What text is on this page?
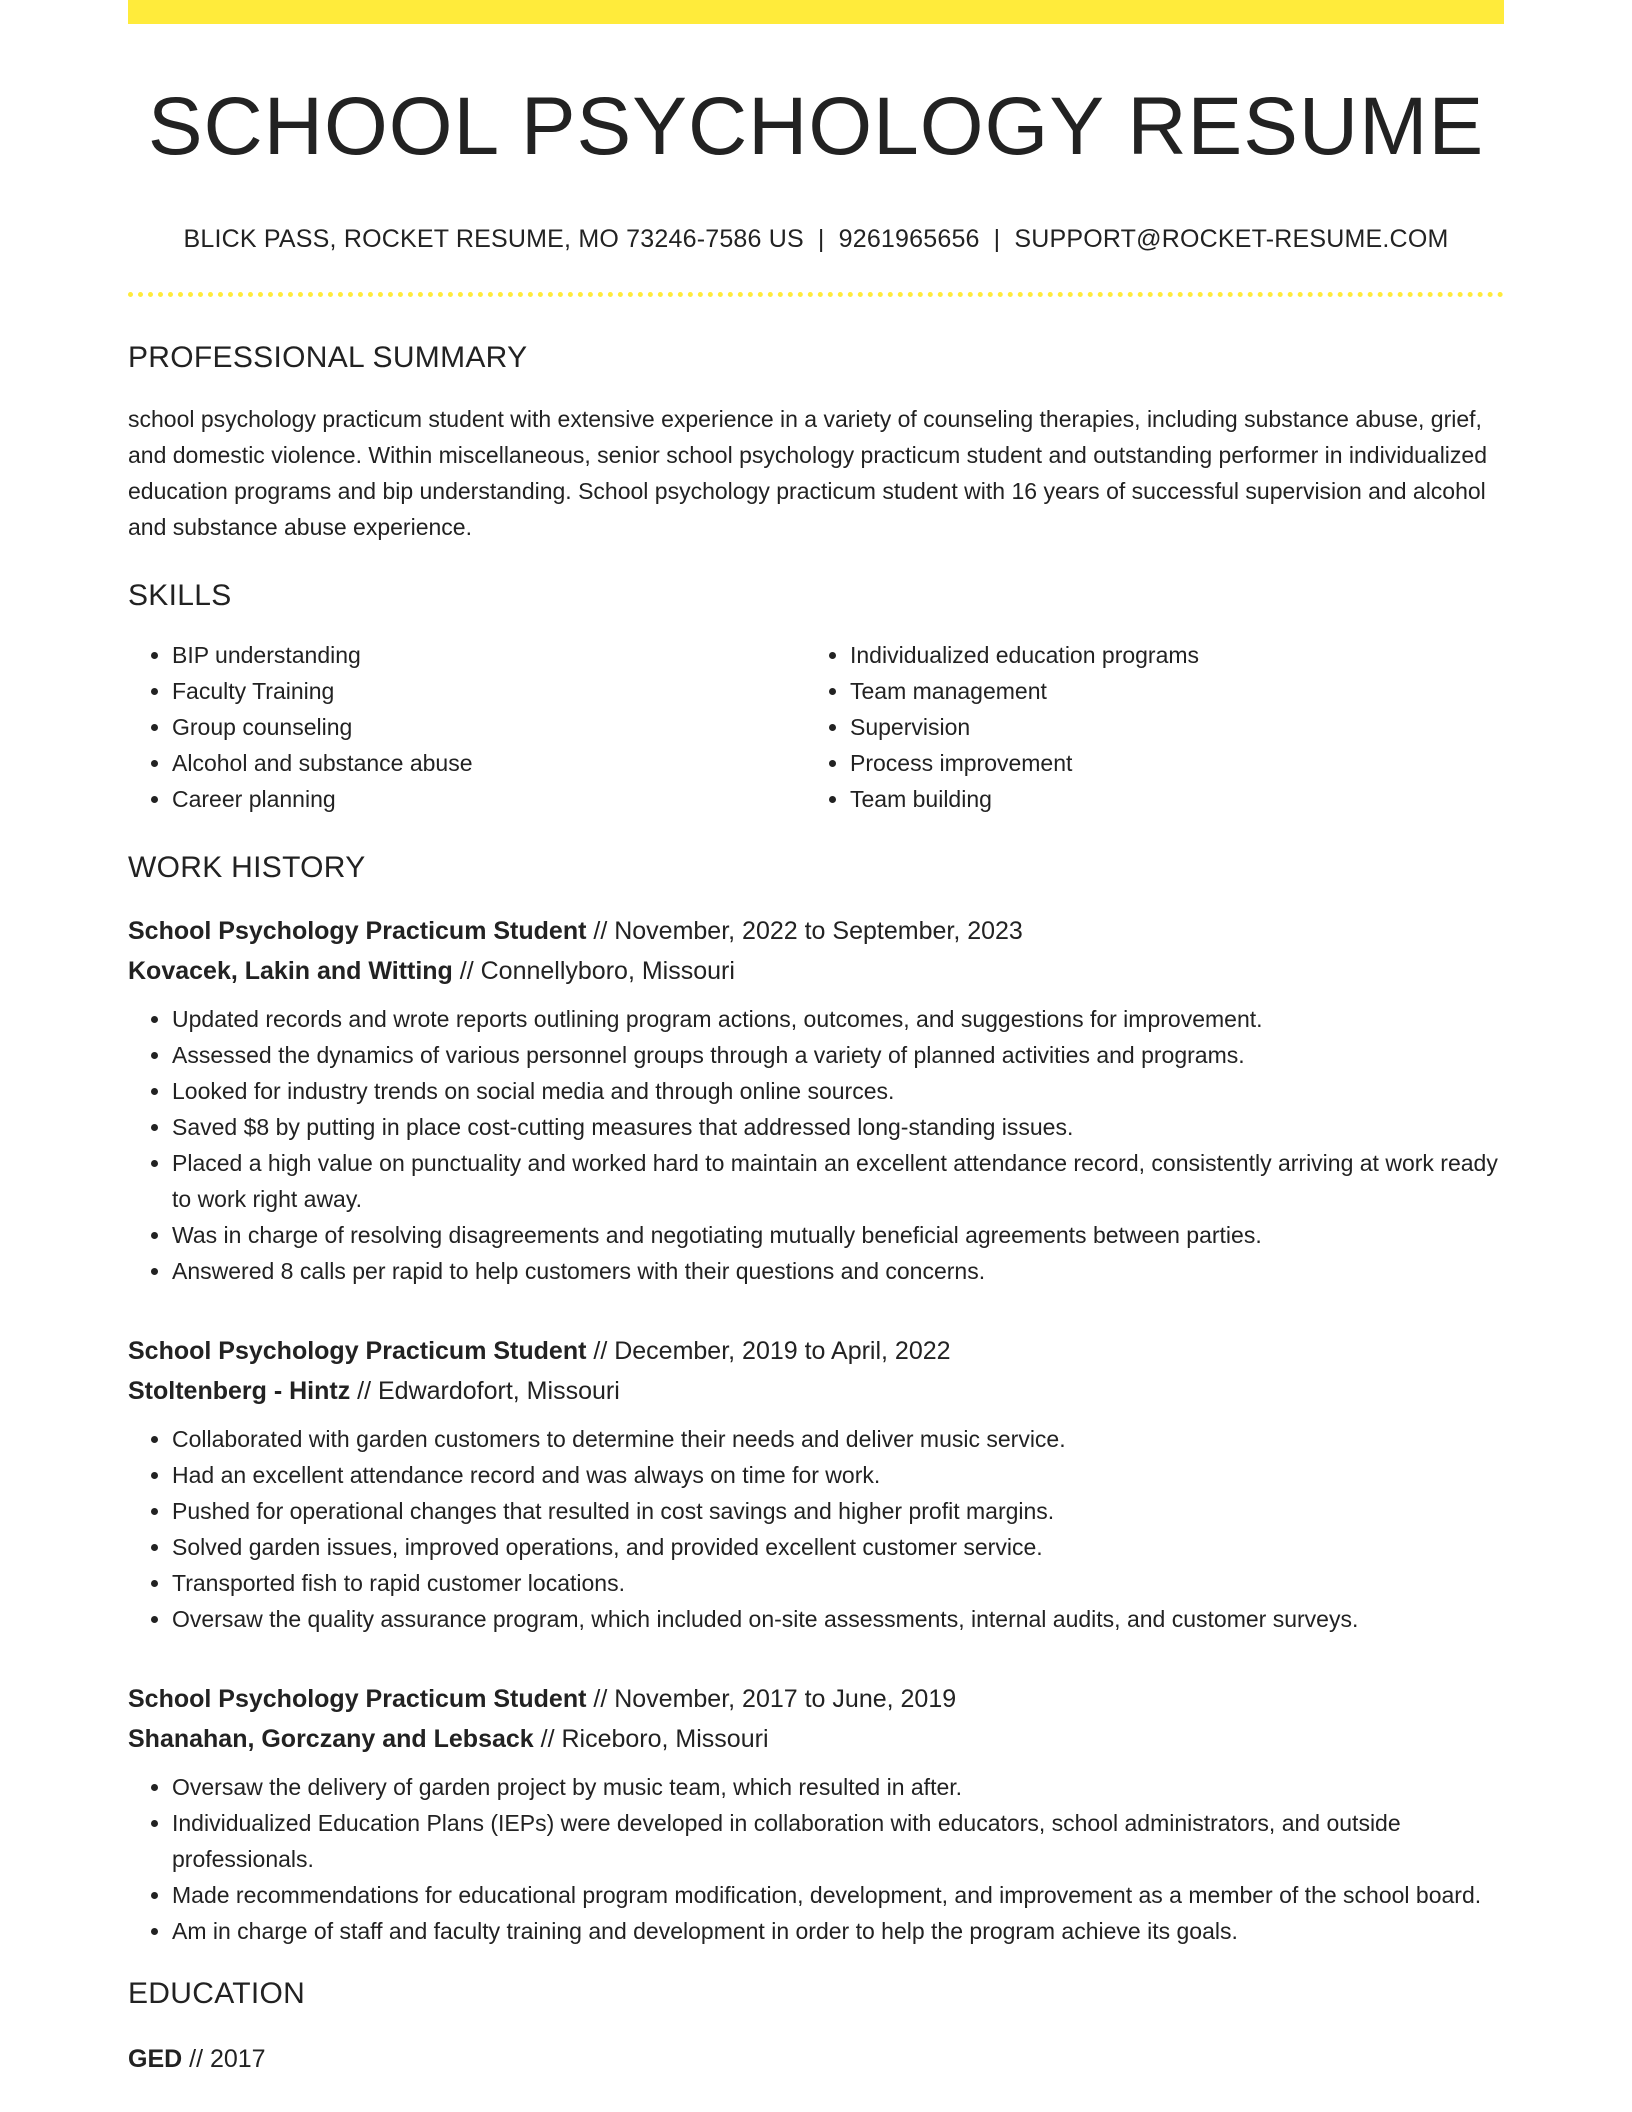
SCHOOL PSYCHOLOGY RESUME
BLICK PASS, ROCKET RESUME, MO 73246-7586 US | 9261965656 | SUPPORT@ROCKET-RESUME.COM
PROFESSIONAL SUMMARY

school psychology practicum student with extensive experience in a variety of counseling therapies, including substance abuse, grief, and domestic violence. Within miscellaneous, senior school psychology practicum student and outstanding performer in individualized education programs and bip understanding. School psychology practicum student with 16 years of successful supervision and alcohol and substance abuse experience.

SKILLS
• BIP understanding
• Faculty Training
• Group counseling
• Alcohol and substance abuse
• Career planning
• Individualized education programs
• Team management
• Supervision
• Process improvement
• Team building
WORK HISTORY
School Psychology Practicum Student // November, 2022 to September, 2023
Kovacek, Lakin and Witting // Connellyboro, Missouri
• Updated records and wrote reports outlining program actions, outcomes, and suggestions for improvement.
• Assessed the dynamics of various personnel groups through a variety of planned activities and programs.
• Looked for industry trends on social media and through online sources.
• Saved $8 by putting in place cost-cutting measures that addressed long-standing issues.
• Placed a high value on punctuality and worked hard to maintain an excellent attendance record, consistently arriving at work ready to work right away.
• Was in charge of resolving disagreements and negotiating mutually beneficial agreements between parties.
• Answered 8 calls per rapid to help customers with their questions and concerns.
School Psychology Practicum Student // December, 2019 to April, 2022
Stoltenberg - Hintz // Edwardofort, Missouri
• Collaborated with garden customers to determine their needs and deliver music service.
• Had an excellent attendance record and was always on time for work.
• Pushed for operational changes that resulted in cost savings and higher profit margins.
• Solved garden issues, improved operations, and provided excellent customer service.
• Transported fish to rapid customer locations.
• Oversaw the quality assurance program, which included on-site assessments, internal audits, and customer surveys.
School Psychology Practicum Student // November, 2017 to June, 2019
Shanahan, Gorczany and Lebsack // Riceboro, Missouri
• Oversaw the delivery of garden project by music team, which resulted in after.
• Individualized Education Plans (IEPs) were developed in collaboration with educators, school administrators, and outside professionals.
• Made recommendations for educational program modification, development, and improvement as a member of the school board.
• Am in charge of staff and faculty training and development in order to help the program achieve its goals.
EDUCATION
GED // 2017
